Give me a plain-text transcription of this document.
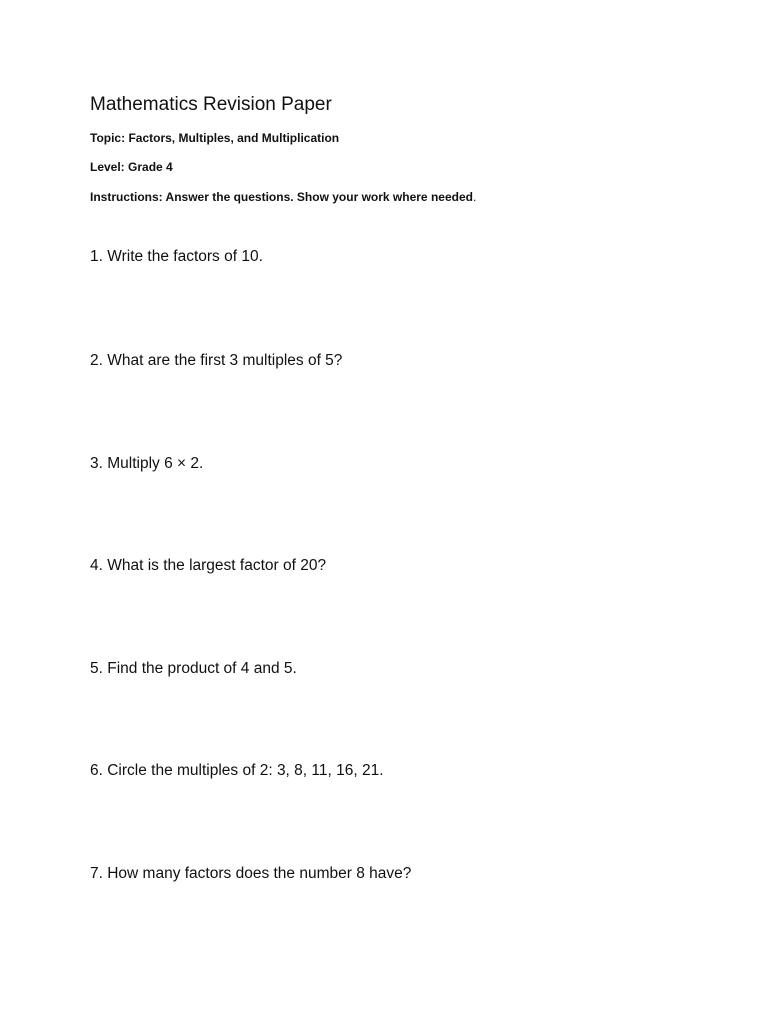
Mathematics Revision Paper
Topic: Factors, Multiples, and Multiplication
Level: Grade 4
Instructions: Answer the questions. Show your work where needed.
1. Write the factors of 10.
2. What are the first 3 multiples of 5?
3. Multiply 6 × 2.
4. What is the largest factor of 20?
5. Find the product of 4 and 5.
6. Circle the multiples of 2: 3, 8, 11, 16, 21.
7. How many factors does the number 8 have?
